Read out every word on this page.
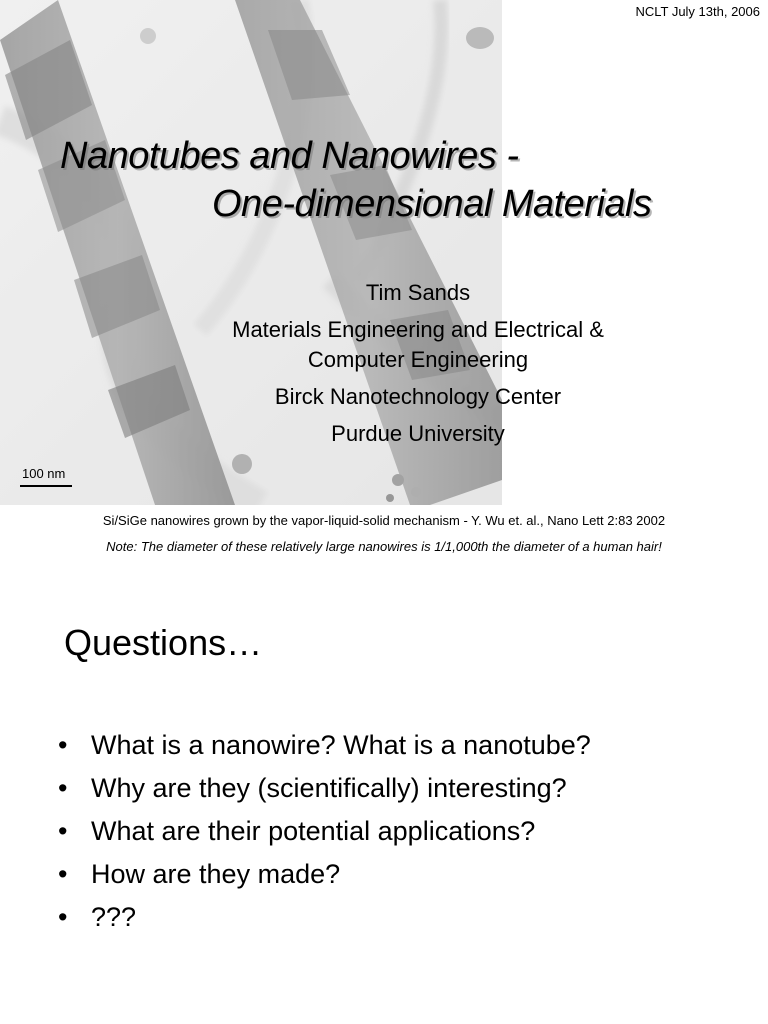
NCLT July 13th, 2006
Nanotubes and Nanowires -
One-dimensional Materials
Tim Sands
Materials Engineering and Electrical &
Computer Engineering
Birck Nanotechnology Center
Purdue University
100 nm
Si/SiGe nanowires grown by the vapor-liquid-solid mechanism - Y. Wu et. al., Nano Lett 2:83 2002
Note: The diameter of these relatively large nanowires is 1/1,000th the diameter of a human hair!
Questions…
• What is a nanowire? What is a nanotube?
• Why are they (scientifically) interesting?
• What are their potential applications?
• How are they made?
• ???
